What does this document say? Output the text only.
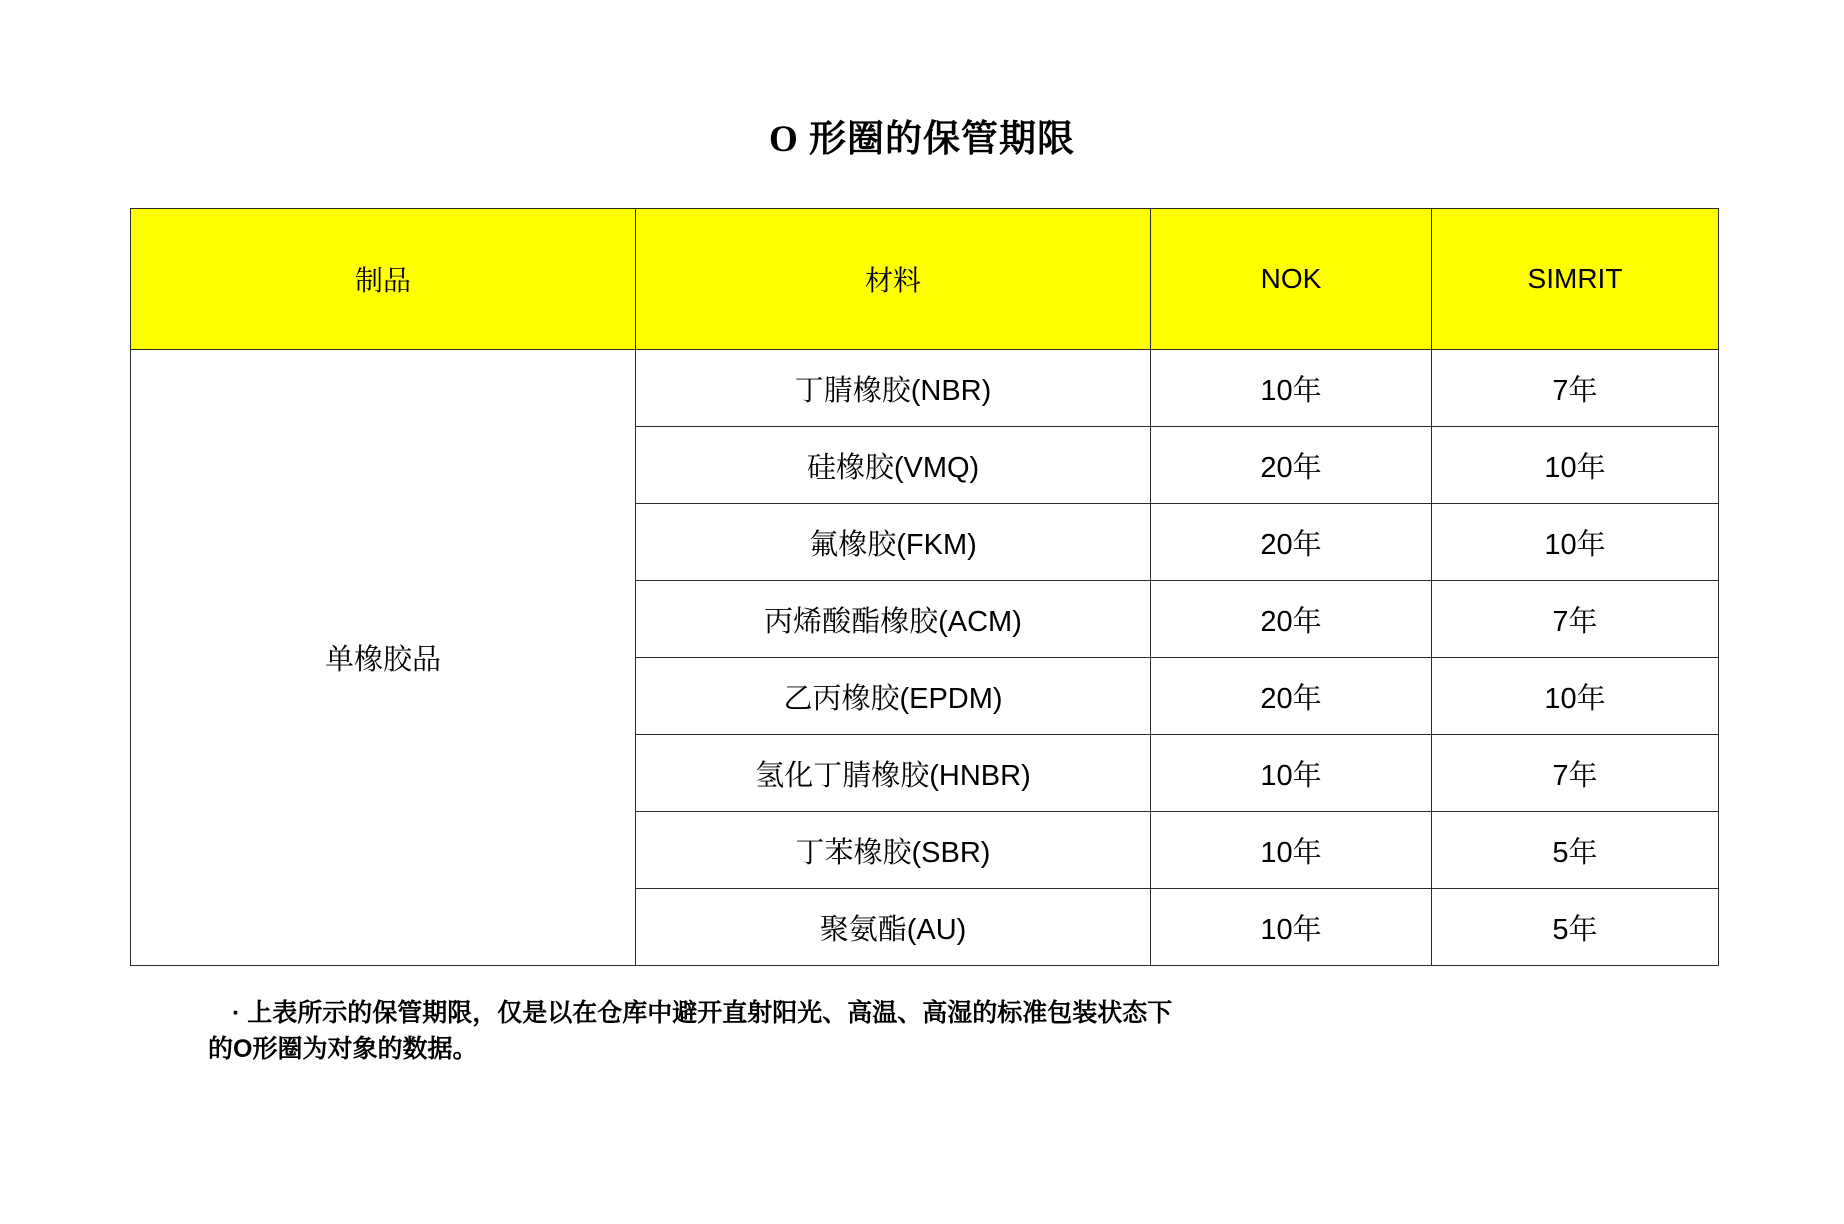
O 形圈的保管期限
制品	材料	NOK	SIMRIT
单橡胶品	丁腈橡胶(NBR)	10年	7年
	硅橡胶(VMQ)	20年	10年
	氟橡胶(FKM)	20年	10年
	丙烯酸酯橡胶(ACM)	20年	7年
	乙丙橡胶(EPDM)	20年	10年
	氢化丁腈橡胶(HNBR)	10年	7年
	丁苯橡胶(SBR)	10年	5年
	聚氨酯(AU)	10年	5年
· 上表所示的保管期限，仅是以在仓库中避开直射阳光、高温、高湿的标准包装状态下
的O形圈为对象的数据。
